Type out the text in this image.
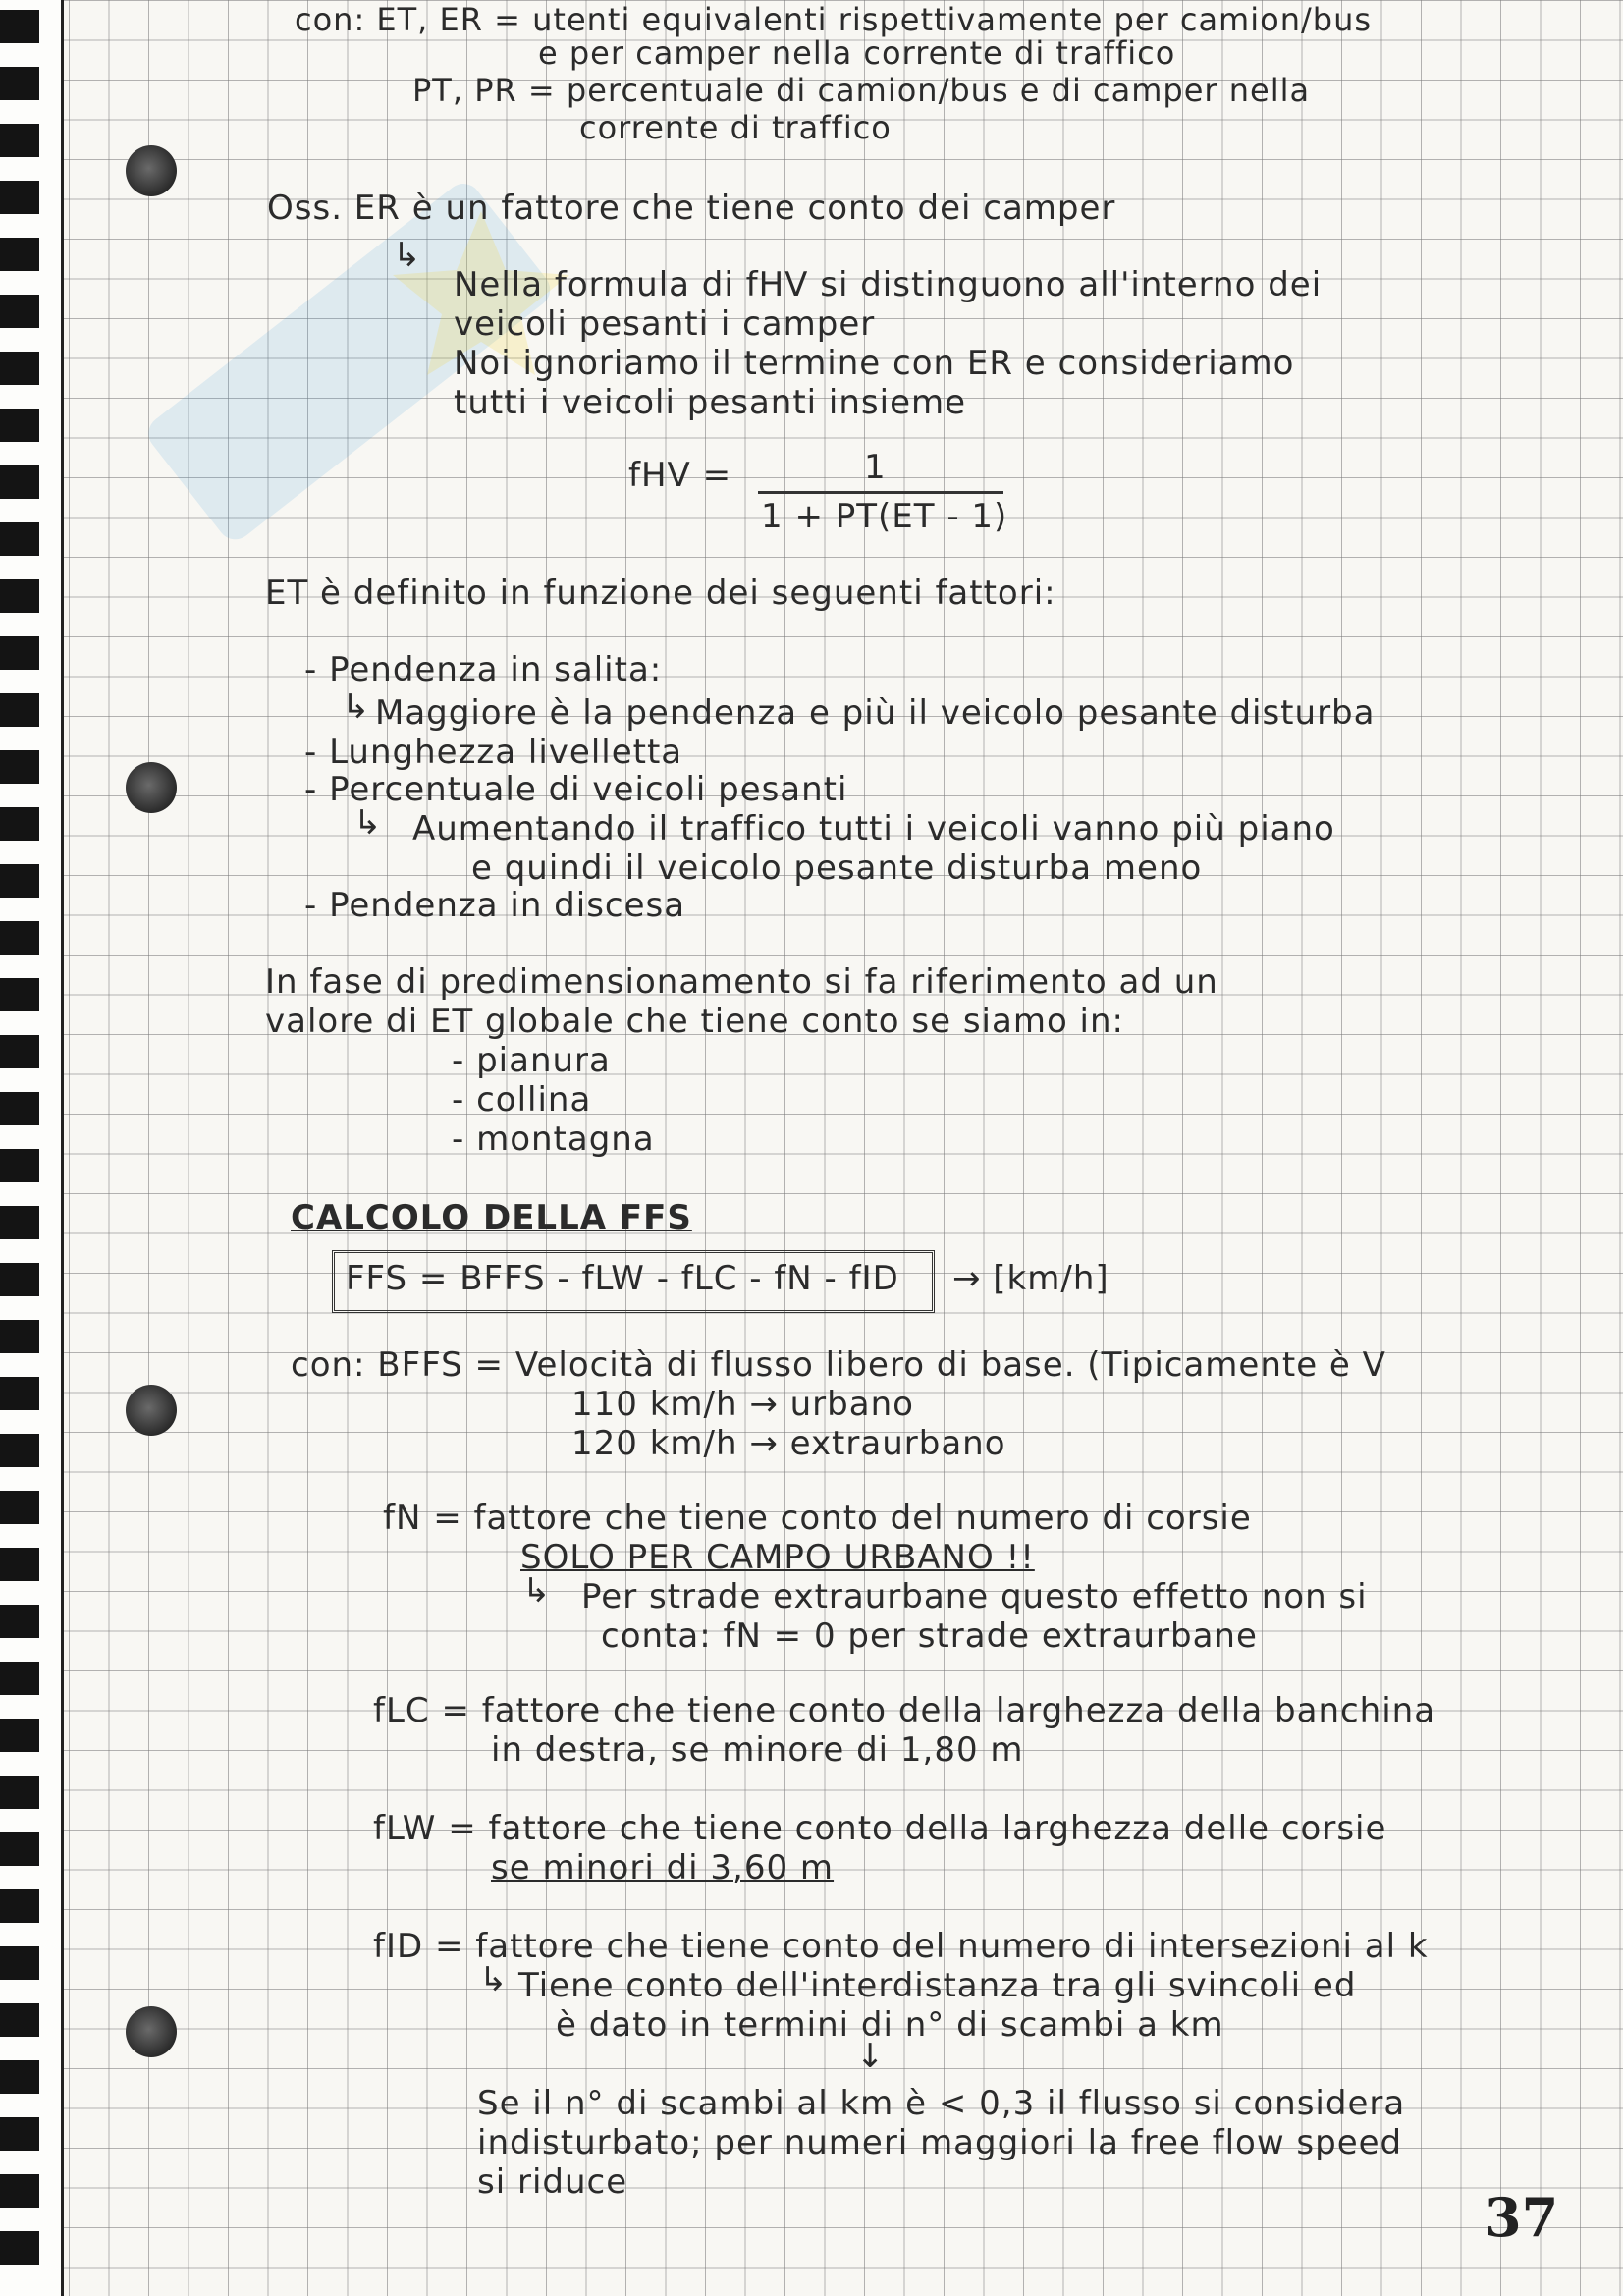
con: ET, ER = utenti equivalenti rispettivamente per camion/bus
e per camper nella corrente di traffico
PT, PR = percentuale di camion/bus e di camper nella
corrente di traffico
Oss. ER è un fattore che tiene conto dei camper
↳
Nella formula di fHV si distinguono all'interno dei
veicoli pesanti i camper
Noi ignoriamo il termine con ER e consideriamo
tutti i veicoli pesanti insieme
fHV =	1
1 + PT(ET - 1)
ET è definito in funzione dei seguenti fattori:
- Pendenza in salita:
↳ Maggiore è la pendenza e più il veicolo pesante disturba
- Lunghezza livelletta
- Percentuale di veicoli pesanti
↳ Aumentando il traffico tutti i veicoli vanno più piano
e quindi il veicolo pesante disturba meno
- Pendenza in discesa
In fase di predimensionamento si fa riferimento ad un
valore di ET globale che tiene conto se siamo in:
- pianura
- collina
- montagna
CALCOLO DELLA FFS
FFS = BFFS - fLW - fLC - fN - fID → [km/h]
con: BFFS = Velocità di flusso libero di base. (Tipicamente è V
110 km/h → urbano
120 km/h → extraurbano
fN = fattore che tiene conto del numero di corsie
SOLO PER CAMPO URBANO !!
↳ Per strade extraurbane questo effetto non si
conta: fN = 0 per strade extraurbane
fLC = fattore che tiene conto della larghezza della banchina
in destra, se minore di 1,80 m
fLW = fattore che tiene conto della larghezza delle corsie
se minori di 3,60 m
fID = fattore che tiene conto del numero di intersezioni al k
↳ Tiene conto dell'interdistanza tra gli svincoli ed
è dato in termini di n° di scambi a km
↓
Se il n° di scambi al km è < 0,3 il flusso si considera
indisturbato; per numeri maggiori la free flow speed
si riduce
37
